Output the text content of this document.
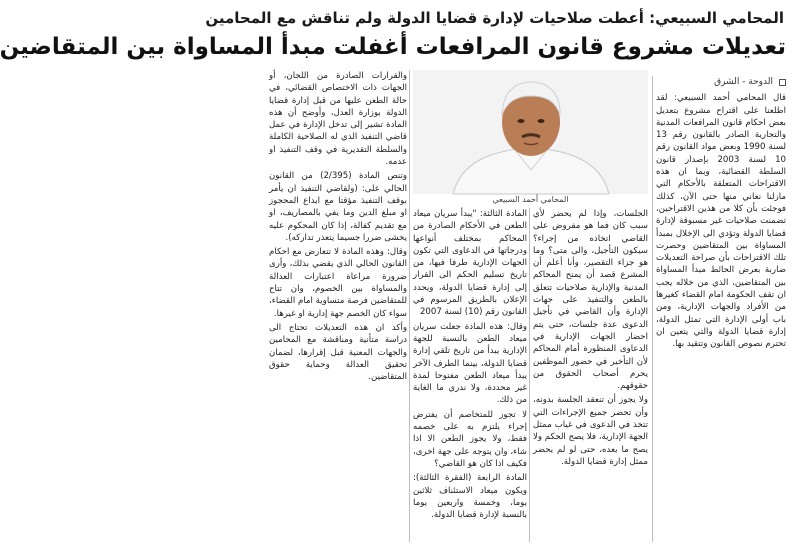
المحامي السبيعي: أعطت صلاحيات لإدارة قضايا الدولة ولم تناقش مع المحامين
تعديلات مشروع قانون المرافعات أغفلت مبدأ المساواة بين المتقاضين
الدوحة - الشرق

قال المحامي أحمد السبيعي: لقد اطلعنا على اقتراح مشروع بتعديل بعض احكام قانون المرافعات المدنية والتجارية الصادر بالقانون رقم 13 لسنة 1990 وبعض مواد القانون رقم 10 لسنة 2003 بإصدار قانون السلطة القضائية، وبما ان هذه الاقتراحات المتعلقة بالأحكام التي مازلنا نعاني منها حتى الآن، كذلك فوجئت بأن كلا من هذين الاقتراحين، تضمنت صلاحيات غير مسبوقة لإدارة قضايا الدولة وتؤدي الى الإخلال بمبدأ المساواة بين المتقاضين وحصرت تلك الاقتراحات بأن صراحة التعديلات ضاربة بعرض الحائط مبدأ المساواة بين المتقاضين، الذي من خلاله يجب ان تقف الحكومة امام القضاء كغيرها من الأفراد والجهات الإدارية، ومن باب أولى الإدارة التي تمثل الدولة، إدارة قضايا الدولة والتي يتعين ان تحترم نصوص القانون وتتقيد بها.

المحامي أحمد السبيعي

الجلسات، وإذا لم يحضر لأي سبب كان فما هو مفروض على القاضي اتخاذه من إجراء؟ سيكون التأجيل، والى متى؟ وما هو جزاء التقصير، وأنا أعلم أن المشرع قصد أن يمنح المحاكم المدنية والإدارية صلاحيات تتعلق بالطعن والتنفيذ على جهات الإدارة وأن القاضي في تأجيل الدعوى عدة جلسات، حتى يتم احضار الجهات الإدارية في الدعاوى المنظورة أمام المحاكم لأن التأخير في حضور الموظفين يحرم أصحاب الحقوق من حقوقهم.

ولا يجوز أن تنعقد الجلسة بدونه، وأن تحضر جميع الإجراءات التي تتخذ في الدعوى في غياب ممثل الجهة الإدارية، فلا يصح الحكم ولا يصح ما بعده، حتى لو لم يحضر ممثل إدارة قضايا الدولة.

المادة الثالثة: "يبدأ سريان ميعاد الطعن في الأحكام الصادرة من المحاكم بمختلف أنواعها ودرجاتها في الدعاوى التي تكون الجهات الإدارية طرفا فيها، من تاريخ تسليم الحكم الى القرار إلى إدارة قضايا الدولة، ويحدد الإعلان بالطريق المرسوم في القانون رقم (10) لسنة 2007

وقال: هذه المادة جعلت سريان ميعاد الطعن بالنسبة للجهة الإدارية يبدأ من تاريخ تلقي إدارة قضايا الدولة، بينما الطرف الآخر يبدأ ميعاد الطعن مفتوحا لمدة غير محددة، ولا ندري ما الغاية من ذلك.

لا تجوز للمتخاصم أن يفترض إجراء يلتزم به على خصمه فقط، ولا يجوز الطعن الا اذا شاء، وان يتوجه على جهة اخرى، فكيف اذا كان هو القاضي؟

المادة الرابعة (الفقرة الثالثة): ويكون ميعاد الاستئناف ثلاثين يوما، وخمسة واربعين يوما بالنسبة لإدارة قضايا الدولة.

والقرارات الصادرة من اللجان، أو الجهات ذات الاختصاص القضائي، في حالة الطعن عليها من قبل إدارة قضايا الدولة بوزارة العدل، وأوضح أن هذه المادة تشير إلى تدخل الإدارة في عمل قاضي التنفيذ الذي له الصلاحية الكاملة والسلطة التقديرية في وقف التنفيذ او عدمه.

وتنص المادة (2/395) من القانون الحالي على: (ولقاضي التنفيذ ان يأمر بوقف التنفيذ مؤقتا مع ايداع المحجوز او مبلغ الدين وما يفي بالمصاريف، او مع تقديم كفالة، إذا كان المحكوم عليه يخشى ضررا جسيما يتعذر تداركه).

وقال: وهذه المادة لا تتعارض مع احكام القانون الحالي الذي يقضي بذلك، وأرى ضرورة مراعاة اعتبارات العدالة والمساواة بين الخصوم، وان تتاح للمتقاضين فرصة متساوية امام القضاء، سواء كان الخصم جهة إدارية او غيرها.

وأكد ان هذه التعديلات تحتاج الى دراسة متأنية ومناقشة مع المحامين والجهات المعنية قبل إقرارها، لضمان تحقيق العدالة وحماية حقوق المتقاضين.
